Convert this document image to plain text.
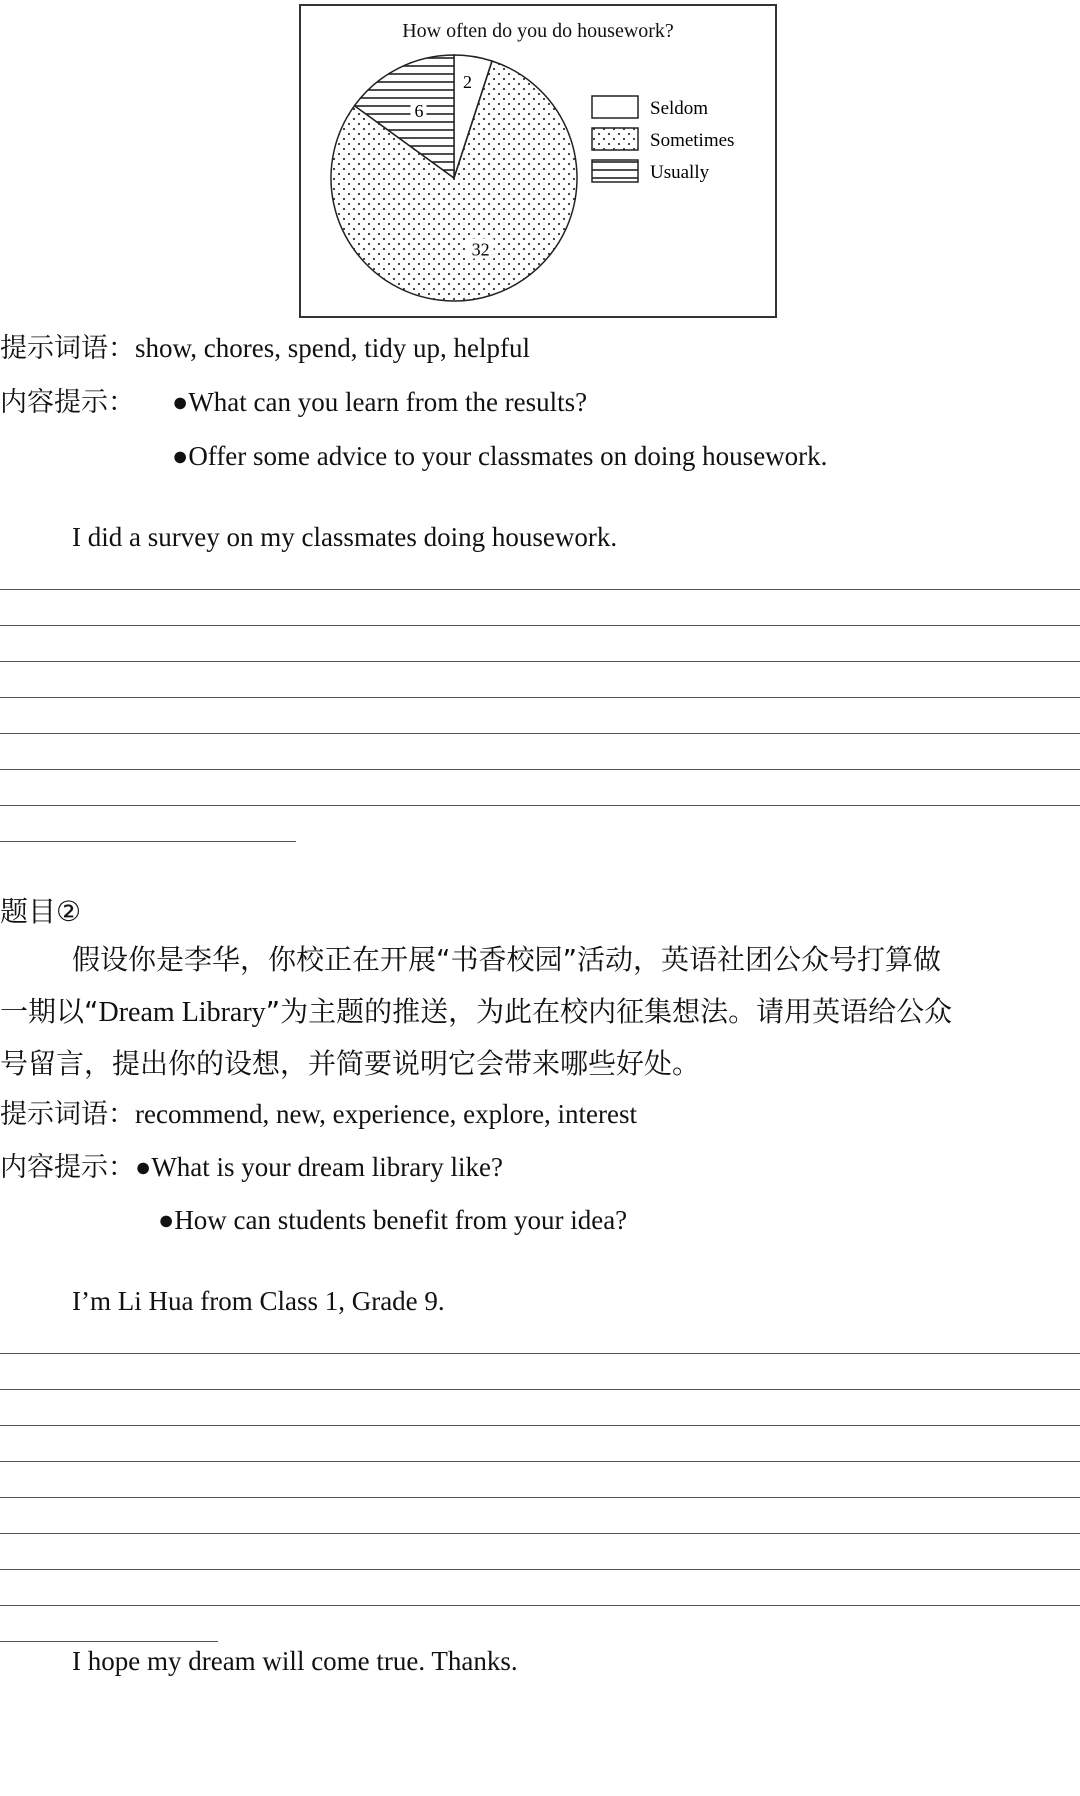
2
32
6	Seldom
Sometimes
Usually
How often do you do housework?
提示词语：show, chores, spend, tidy up, helpful
内容提示： ●What can you learn from the results?
●Offer some advice to your classmates on doing housework.
I did a survey on my classmates doing housework.
题目②
假设你是李华，你校正在开展“书香校园”活动，英语社团公众号打算做
一期以“Dream Library”为主题的推送，为此在校内征集想法。请用英语给公众
号留言，提出你的设想，并简要说明它会带来哪些好处。
提示词语：recommend, new, experience, explore, interest
内容提示：●What is your dream library like?
●How can students benefit from your idea?
I’m Li Hua from Class 1, Grade 9.
I hope my dream will come true. Thanks.
